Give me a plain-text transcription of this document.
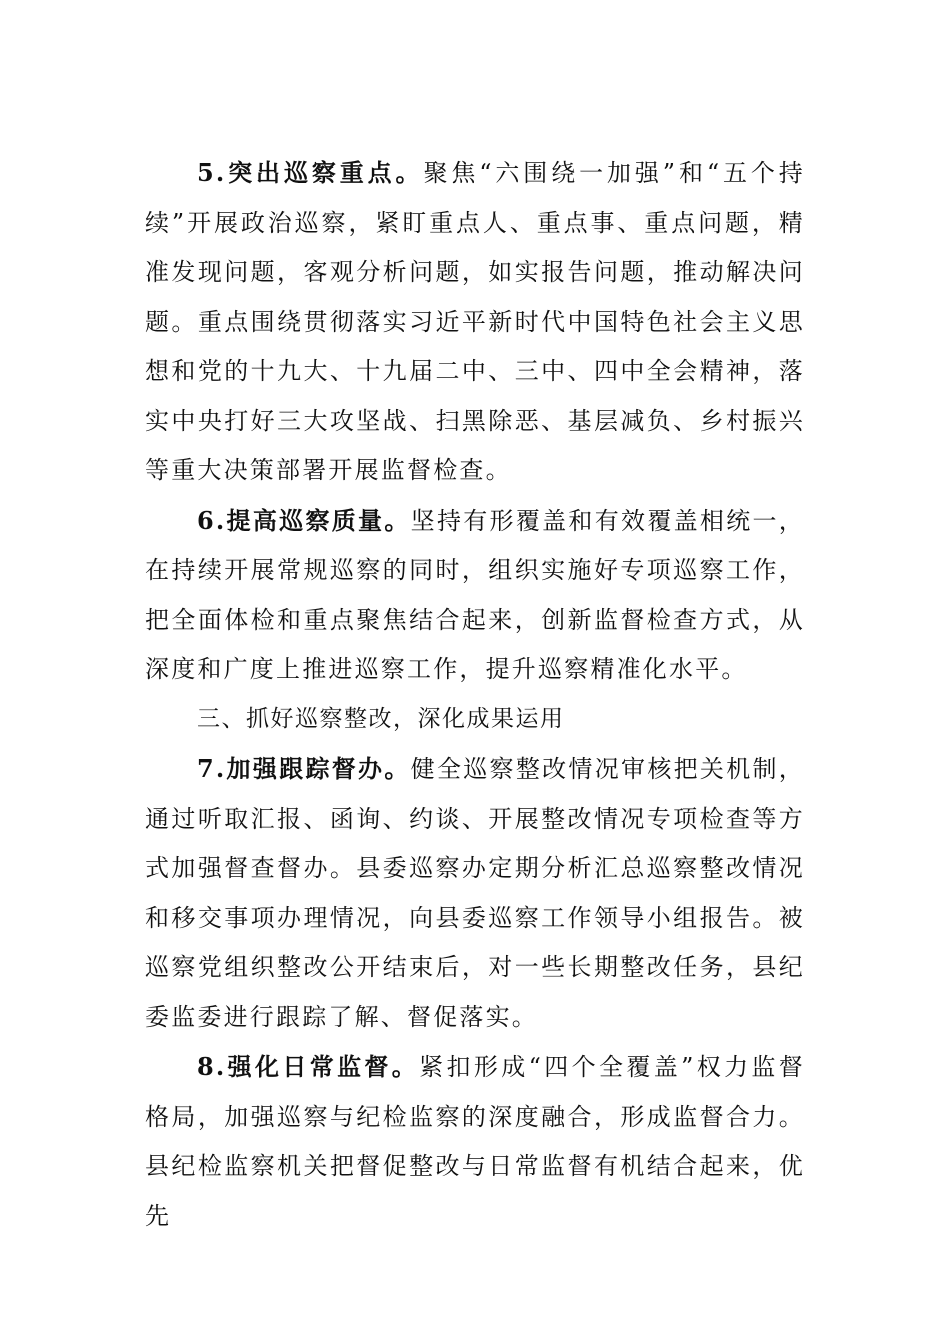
5.突出巡察重点。聚焦“六围绕一加强”和“五个持续”开展政治巡察，紧盯重点人、重点事、重点问题，精准发现问题，客观分析问题，如实报告问题，推动解决问题。重点围绕贯彻落实习近平新时代中国特色社会主义思想和党的十九大、十九届二中、三中、四中全会精神，落实中央打好三大攻坚战、扫黑除恶、基层减负、乡村振兴等重大决策部署开展监督检查。

6.提高巡察质量。坚持有形覆盖和有效覆盖相统一，在持续开展常规巡察的同时，组织实施好专项巡察工作，把全面体检和重点聚焦结合起来，创新监督检查方式，从深度和广度上推进巡察工作，提升巡察精准化水平。

三、抓好巡察整改，深化成果运用

7.加强跟踪督办。健全巡察整改情况审核把关机制，通过听取汇报、函询、约谈、开展整改情况专项检查等方式加强督查督办。县委巡察办定期分析汇总巡察整改情况和移交事项办理情况，向县委巡察工作领导小组报告。被巡察党组织整改公开结束后，对一些长期整改任务，县纪委监委进行跟踪了解、督促落实。

8.强化日常监督。紧扣形成“四个全覆盖”权力监督格局，加强巡察与纪检监察的深度融合，形成监督合力。县纪检监察机关把督促整改与日常监督有机结合起来，优先
